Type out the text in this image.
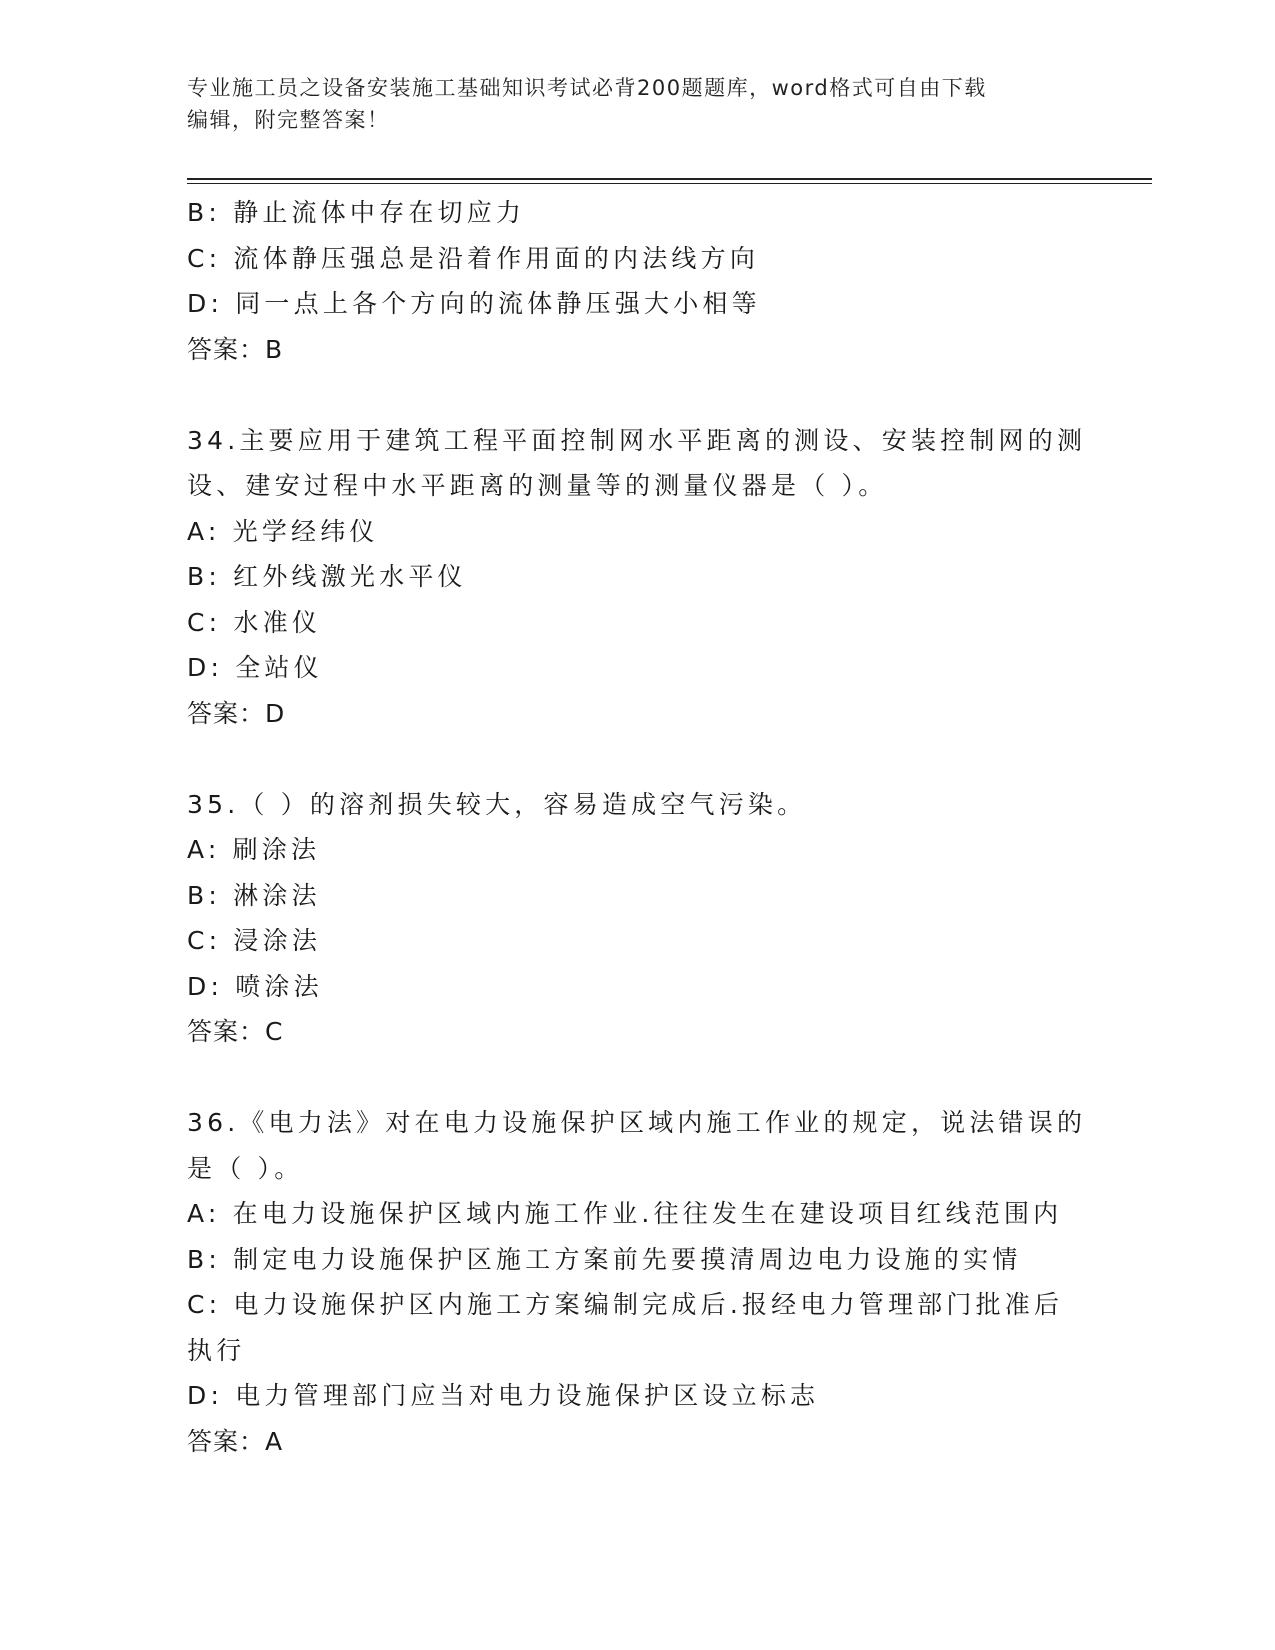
专业施工员之设备安装施工基础知识考试必背200题题库，word格式可自由下载
编辑，附完整答案！
B: 静止流体中存在切应力
C: 流体静压强总是沿着作用面的内法线方向
D: 同一点上各个方向的流体静压强大小相等
答案：B
34.主要应用于建筑工程平面控制网水平距离的测设、安装控制网的测
设、建安过程中水平距离的测量等的测量仪器是（ ）。
A: 光学经纬仪
B: 红外线激光水平仪
C: 水准仪
D: 全站仪
答案：D
35.（ ）的溶剂损失较大，容易造成空气污染。
A: 刷涂法
B: 淋涂法
C: 浸涂法
D: 喷涂法
答案：C
36.《电力法》对在电力设施保护区域内施工作业的规定，说法错误的
是（ ）。
A: 在电力设施保护区域内施工作业.往往发生在建设项目红线范围内
B: 制定电力设施保护区施工方案前先要摸清周边电力设施的实情
C: 电力设施保护区内施工方案编制完成后.报经电力管理部门批准后
执行
D: 电力管理部门应当对电力设施保护区设立标志
答案：A
